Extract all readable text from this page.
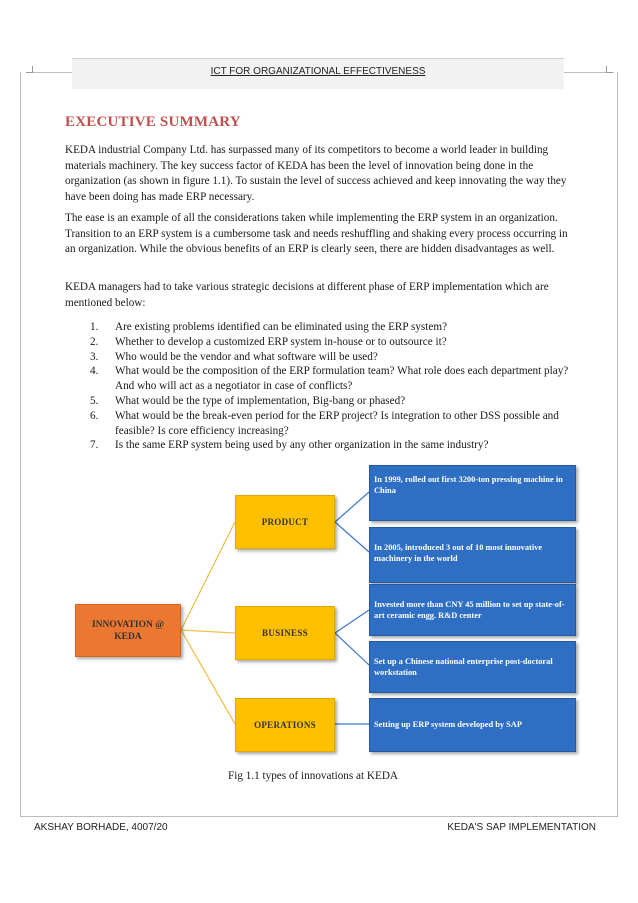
ICT FOR ORGANIZATIONAL EFFECTIVENESS
EXECUTIVE SUMMARY
KEDA industrial Company Ltd. has surpassed many of its competitors to become a world leader in building materials machinery. The key success factor of KEDA has been the level of innovation being done in the organization (as shown in figure 1.1). To sustain the level of success achieved and keep innovating the way they have been doing has made ERP necessary.
The ease is an example of all the considerations taken while implementing the ERP system in an organization. Transition to an ERP system is a cumbersome task and needs reshuffling and shaking every process occurring in an organization. While the obvious benefits of an ERP is clearly seen, there are hidden disadvantages as well.
KEDA managers had to take various strategic decisions at different phase of ERP implementation which are mentioned below:
1. Are existing problems identified can be eliminated using the ERP system?
2. Whether to develop a customized ERP system in-house or to outsource it?
3. Who would be the vendor and what software will be used?
4. What would be the composition of the ERP formulation team? What role does each department play? And who will act as a negotiator in case of conflicts?
5. What would be the type of implementation, Big-bang or phased?
6. What would be the break-even period for the ERP project? Is integration to other DSS possible and feasible? Is core efficiency increasing?
7. Is the same ERP system being used by any other organization in the same industry?
INNOVATION @ KEDA
PRODUCT
BUSINESS
OPERATIONS
In 1999, rolled out first 3200-ton pressing machine in China
In 2005, introduced 3 out of 10 most innovative machinery in the world
Invested more than CNY 45 million to set up state-of-art ceramic engg. R&D center
Set up a Chinese national enterprise post-doctoral workstation
Setting up ERP system developed by SAP
Fig 1.1 types of innovations at KEDA
AKSHAY BORHADE, 4007/20	KEDA'S SAP IMPLEMENTATION
